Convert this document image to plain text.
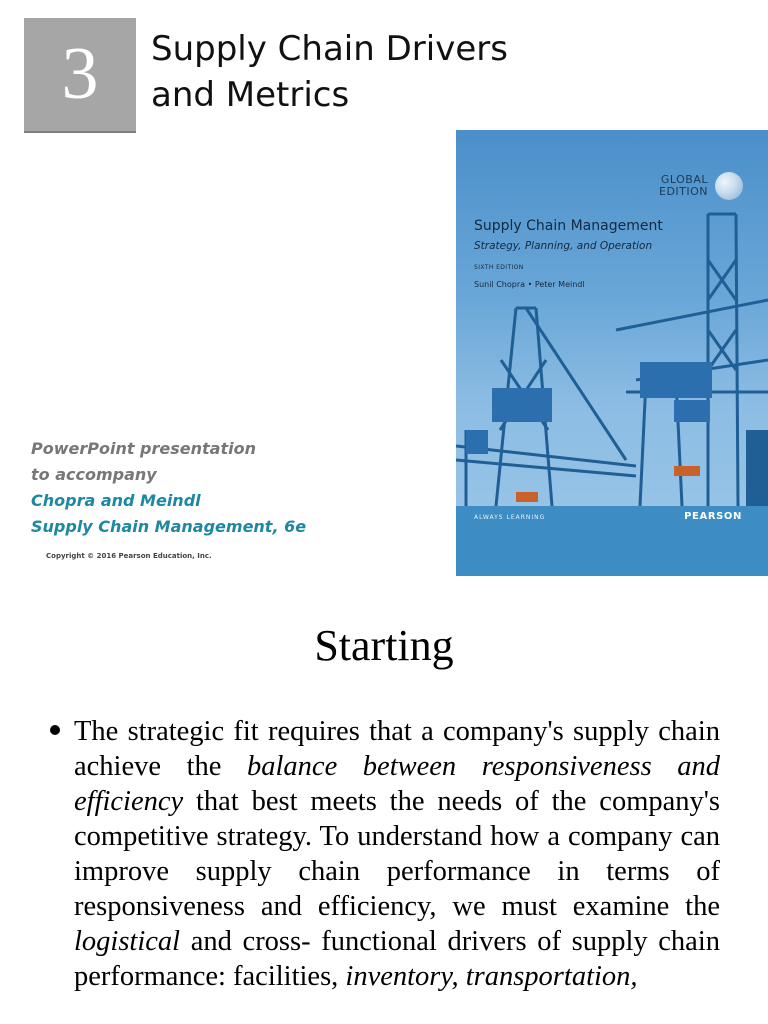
3	Supply Chain Drivers
and Metrics
PowerPoint presentation
to accompany
Chopra and Meindl
Supply Chain Management, 6e
Copyright © 2016 Pearson Education, Inc.
GLOBAL
EDITION
Supply Chain Management
Strategy, Planning, and Operation
SIXTH EDITION
Sunil Chopra • Peter Meindl
ALWAYS LEARNING	PEARSON
Starting
The strategic fit requires that a company's supply chain achieve the balance between responsiveness and efficiency that best meets the needs of the company's competitive strategy. To understand how a company can improve supply chain performance in terms of responsiveness and efficiency, we must examine the logistical and cross- functional drivers of supply chain performance: facilities, inventory, transportation,
